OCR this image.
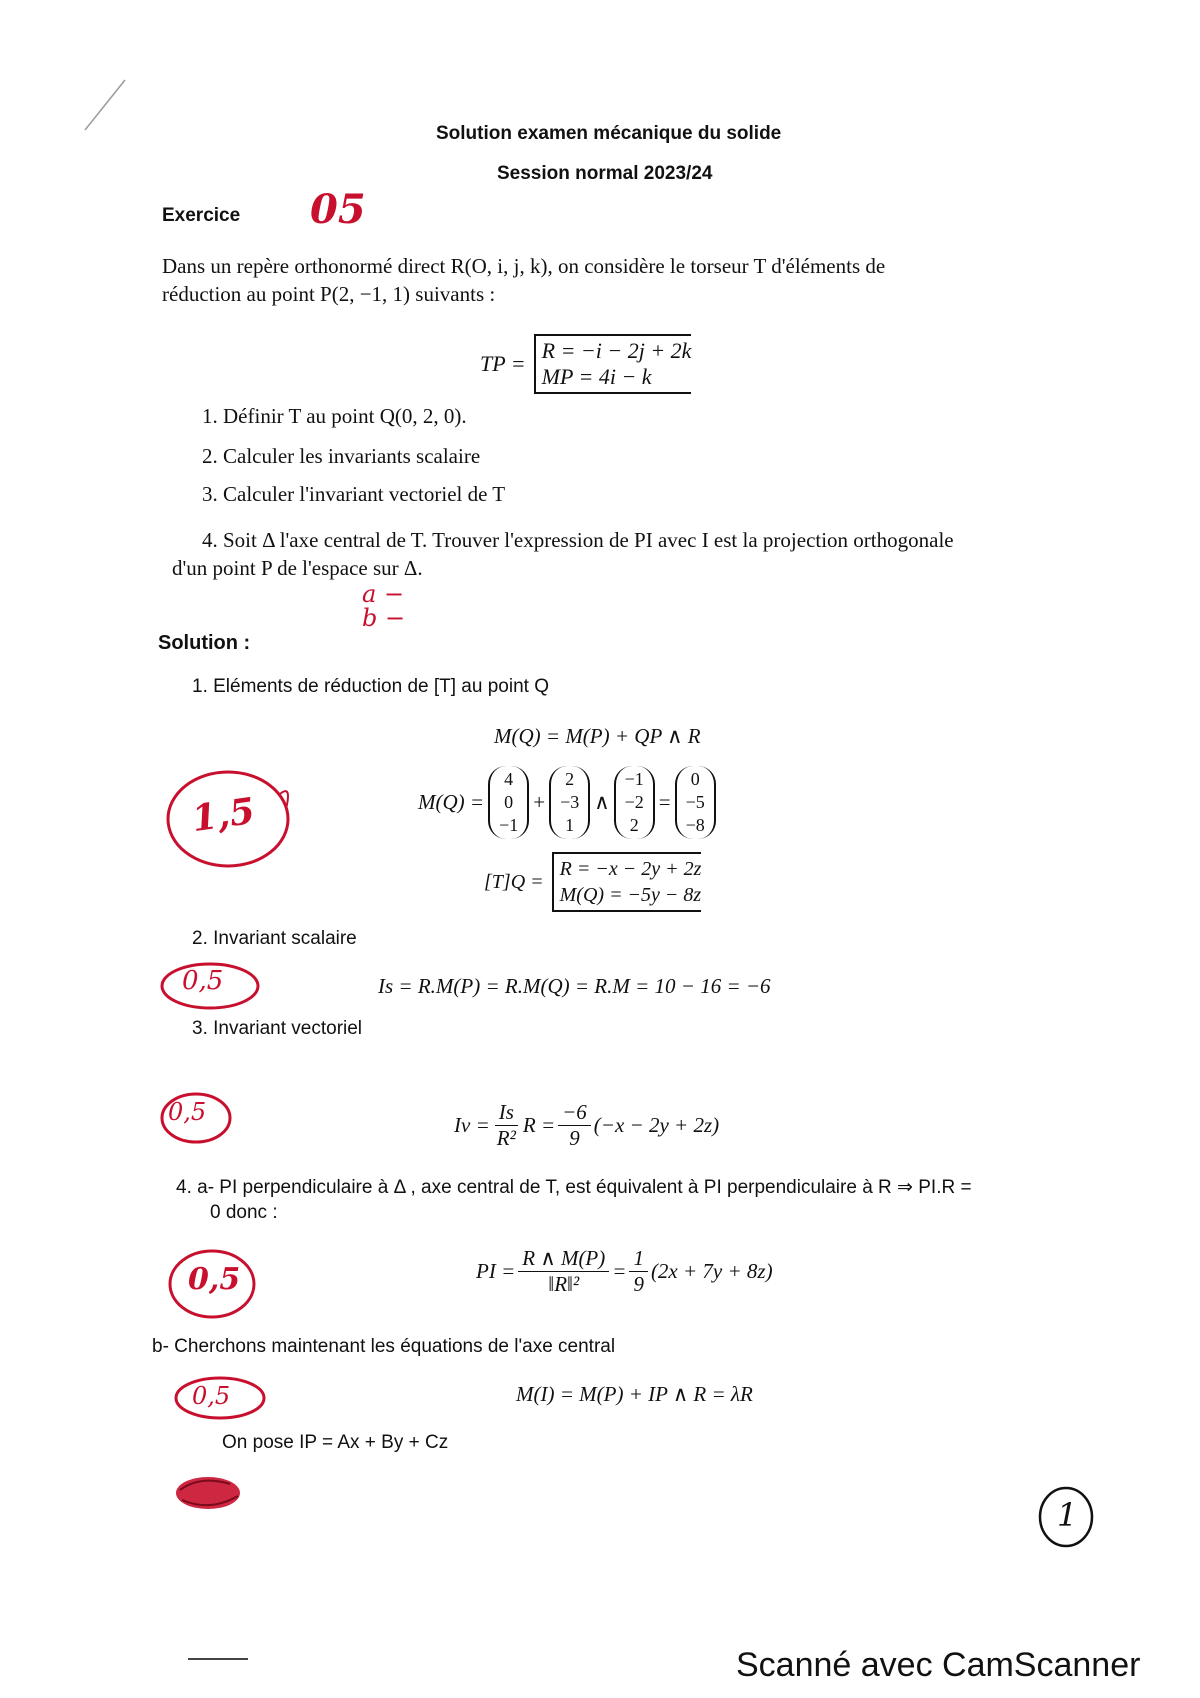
Solution examen mécanique du solide
Session normal 2023/24
Exercice 05
Dans un repère orthonormé direct R(O, i, j, k), on considère le torseur T d'éléments de
réduction au point P(2, −1, 1) suivants :
TP =
R = −i − 2j + 2k
MP = 4i − k
1. Définir T au point Q(0, 2, 0).
2. Calculer les invariants scalaire
3. Calculer l'invariant vectoriel de T
4. Soit Δ l'axe central de T. Trouver l'expression de PI avec I est la projection orthogonale
d'un point P de l'espace sur Δ.
a −
b −
Solution :
1. Eléments de réduction de [T] au point Q
M(Q) = M(P) + QP ∧ R
M(Q) =
4
0
−1
+
2
−3
1
∧
−1
−2
2
=
0
−5
−8
[T]Q =
R = −x − 2y + 2z
M(Q) = −5y − 8z
1,5
2. Invariant scalaire
0,5	Is = R.M(P) = R.M(Q) = R.M = 10 − 16 = −6
3. Invariant vectoriel
0,5	$Iv = \frac{Is}{\text{R²}}$ $R = \frac{-6}{9} (-x - 2y + 2z)$
4. a- PI perpendiculaire à Δ , axe central de T, est équivalent à PI perpendiculaire à R ⇒ PI.R =
0 donc :
0,5	PI = $\frac{R \wedge M(P)}{\text{‖R‖²}} = \frac{1}{9} (2x + 7y + 8z)$
b- Cherchons maintenant les équations de l'axe central
0,5	M(I) = M(P) + IP ∧ R = λR
On pose IP = Ax + By + Cz
1
Scanné avec CamScanner
